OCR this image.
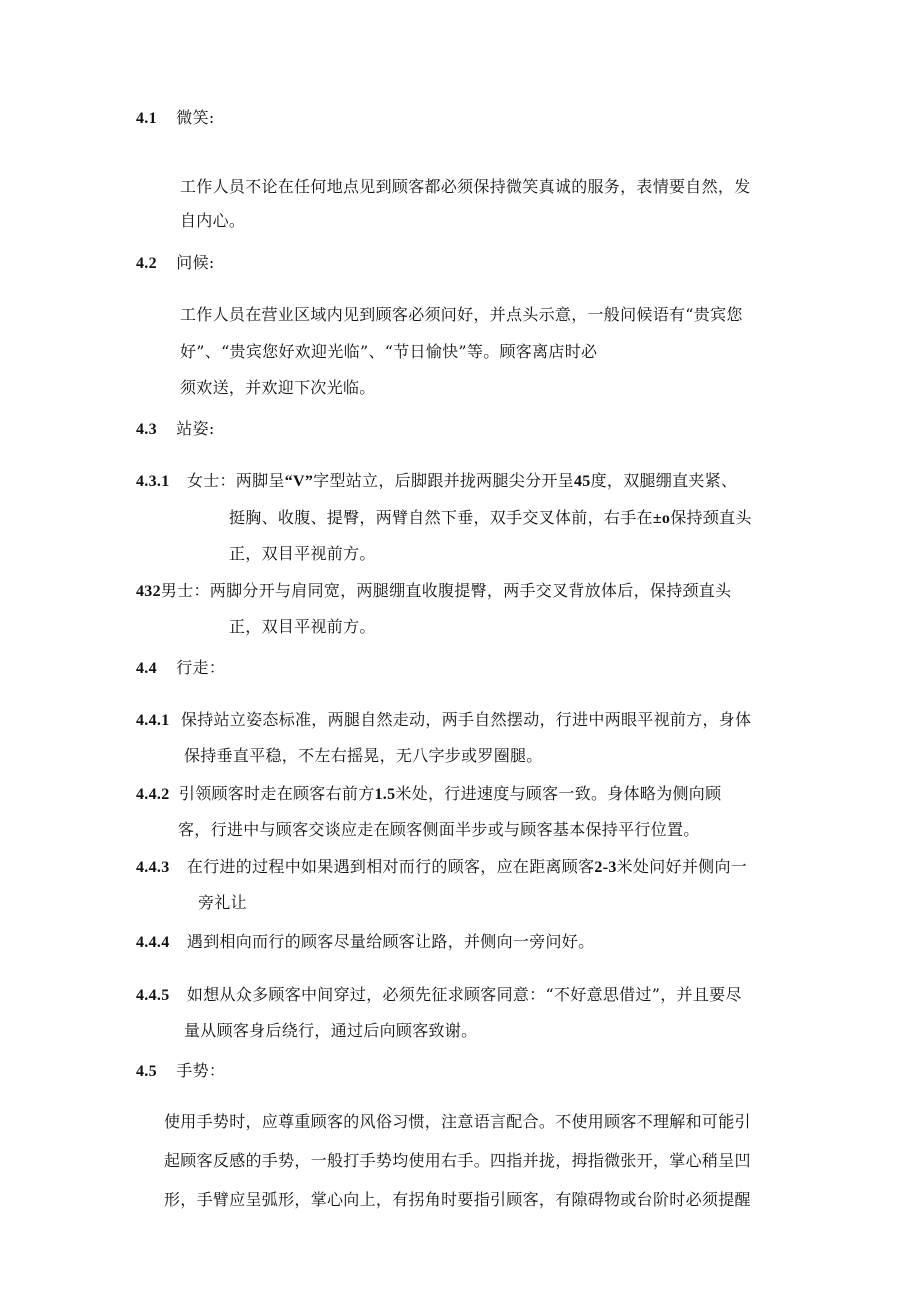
4.1 微笑:
工作人员不论在任何地点见到顾客都必须保持微笑真诚的服务，表情要自然，发
自内心。
4.2 问候:
工作人员在营业区域内见到顾客必须问好，并点头示意，一般问候语有“贵宾您
好”、“贵宾您好欢迎光临”、“节日愉快”等。顾客离店时必
须欢送，并欢迎下次光临。
4.3 站姿:
4.3.1 女士：两脚呈“V”字型站立，后脚跟并拢两腿尖分开呈45度，双腿绷直夹紧、
挺胸、收腹、提臀，两臂自然下垂，双手交叉体前，右手在±o保持颈直头
正，双目平视前方。
432男士：两脚分开与肩同宽，两腿绷直收腹提臀，两手交叉背放体后，保持颈直头
正，双目平视前方。
4.4 行走：
4.4.1 保持站立姿态标准，两腿自然走动，两手自然摆动，行进中两眼平视前方，身体
保持垂直平稳，不左右摇晃，无八字步或罗圈腿。
4.4.2 引领顾客时走在顾客右前方1.5米处，行进速度与顾客一致。身体略为侧向顾
客，行进中与顾客交谈应走在顾客侧面半步或与顾客基本保持平行位置。
4.4.3 在行进的过程中如果遇到相对而行的顾客，应在距离顾客2-3米处问好并侧向一
旁礼让
4.4.4 遇到相向而行的顾客尽量给顾客让路，并侧向一旁问好。
4.4.5 如想从众多顾客中间穿过，必须先征求顾客同意：“不好意思借过”，并且要尽
量从顾客身后绕行，通过后向顾客致谢。
4.5 手势：
使用手势时，应尊重顾客的风俗习惯，注意语言配合。不使用顾客不理解和可能引
起顾客反感的手势，一般打手势均使用右手。四指并拢，拇指微张开，掌心稍呈凹
形，手臂应呈弧形，掌心向上，有拐角时要指引顾客，有隙碍物或台阶时必须提醒
